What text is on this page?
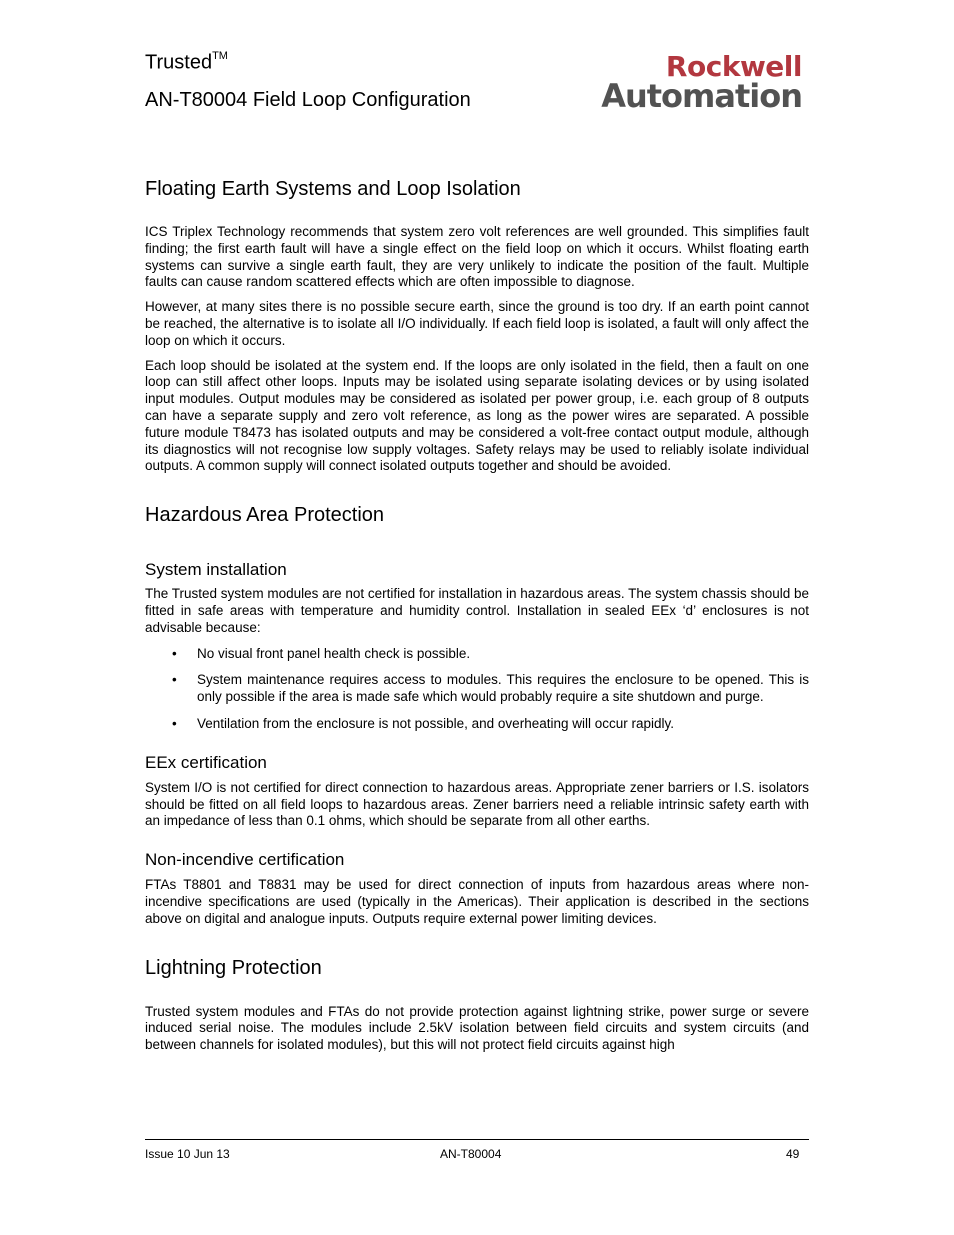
Trusted™
AN-T80004 Field Loop Configuration
Rockwell
Automation
Floating Earth Systems and Loop Isolation

ICS Triplex Technology recommends that system zero volt references are well grounded. This simplifies fault finding; the first earth fault will have a single effect on the field loop on which it occurs. Whilst floating earth systems can survive a single earth fault, they are very unlikely to indicate the position of the fault. Multiple faults can cause random scattered effects which are often impossible to diagnose.

However, at many sites there is no possible secure earth, since the ground is too dry. If an earth point cannot be reached, the alternative is to isolate all I/O individually. If each field loop is isolated, a fault will only affect the loop on which it occurs.

Each loop should be isolated at the system end. If the loops are only isolated in the field, then a fault on one loop can still affect other loops. Inputs may be isolated using separate isolating devices or by using isolated input modules. Output modules may be considered as isolated per power group, i.e. each group of 8 outputs can have a separate supply and zero volt reference, as long as the power wires are separated. A possible future module T8473 has isolated outputs and may be considered a volt-free contact output module, although its diagnostics will not recognise low supply voltages. Safety relays may be used to reliably isolate individual outputs. A common supply will connect isolated outputs together and should be avoided.

Hazardous Area Protection
System installation

The Trusted system modules are not certified for installation in hazardous areas. The system chassis should be fitted in safe areas with temperature and humidity control. Installation in sealed EEx ‘d’ enclosures is not advisable because:

• No visual front panel health check is possible.
• System maintenance requires access to modules. This requires the enclosure to be opened. This is only possible if the area is made safe which would probably require a site shutdown and purge.
• Ventilation from the enclosure is not possible, and overheating will occur rapidly.
EEx certification

System I/O is not certified for direct connection to hazardous areas. Appropriate zener barriers or I.S. isolators should be fitted on all field loops to hazardous areas. Zener barriers need a reliable intrinsic safety earth with an impedance of less than 0.1 ohms, which should be separate from all other earths.

Non-incendive certification

FTAs T8801 and T8831 may be used for direct connection of inputs from hazardous areas where non-incendive specifications are used (typically in the Americas). Their application is described in the sections above on digital and analogue inputs. Outputs require external power limiting devices.

Lightning Protection

Trusted system modules and FTAs do not provide protection against lightning strike, power surge or severe induced serial noise. The modules include 2.5kV isolation between field circuits and system circuits (and between channels for isolated modules), but this will not protect field circuits against high

Issue 10 Jun 13	AN-T80004	49
